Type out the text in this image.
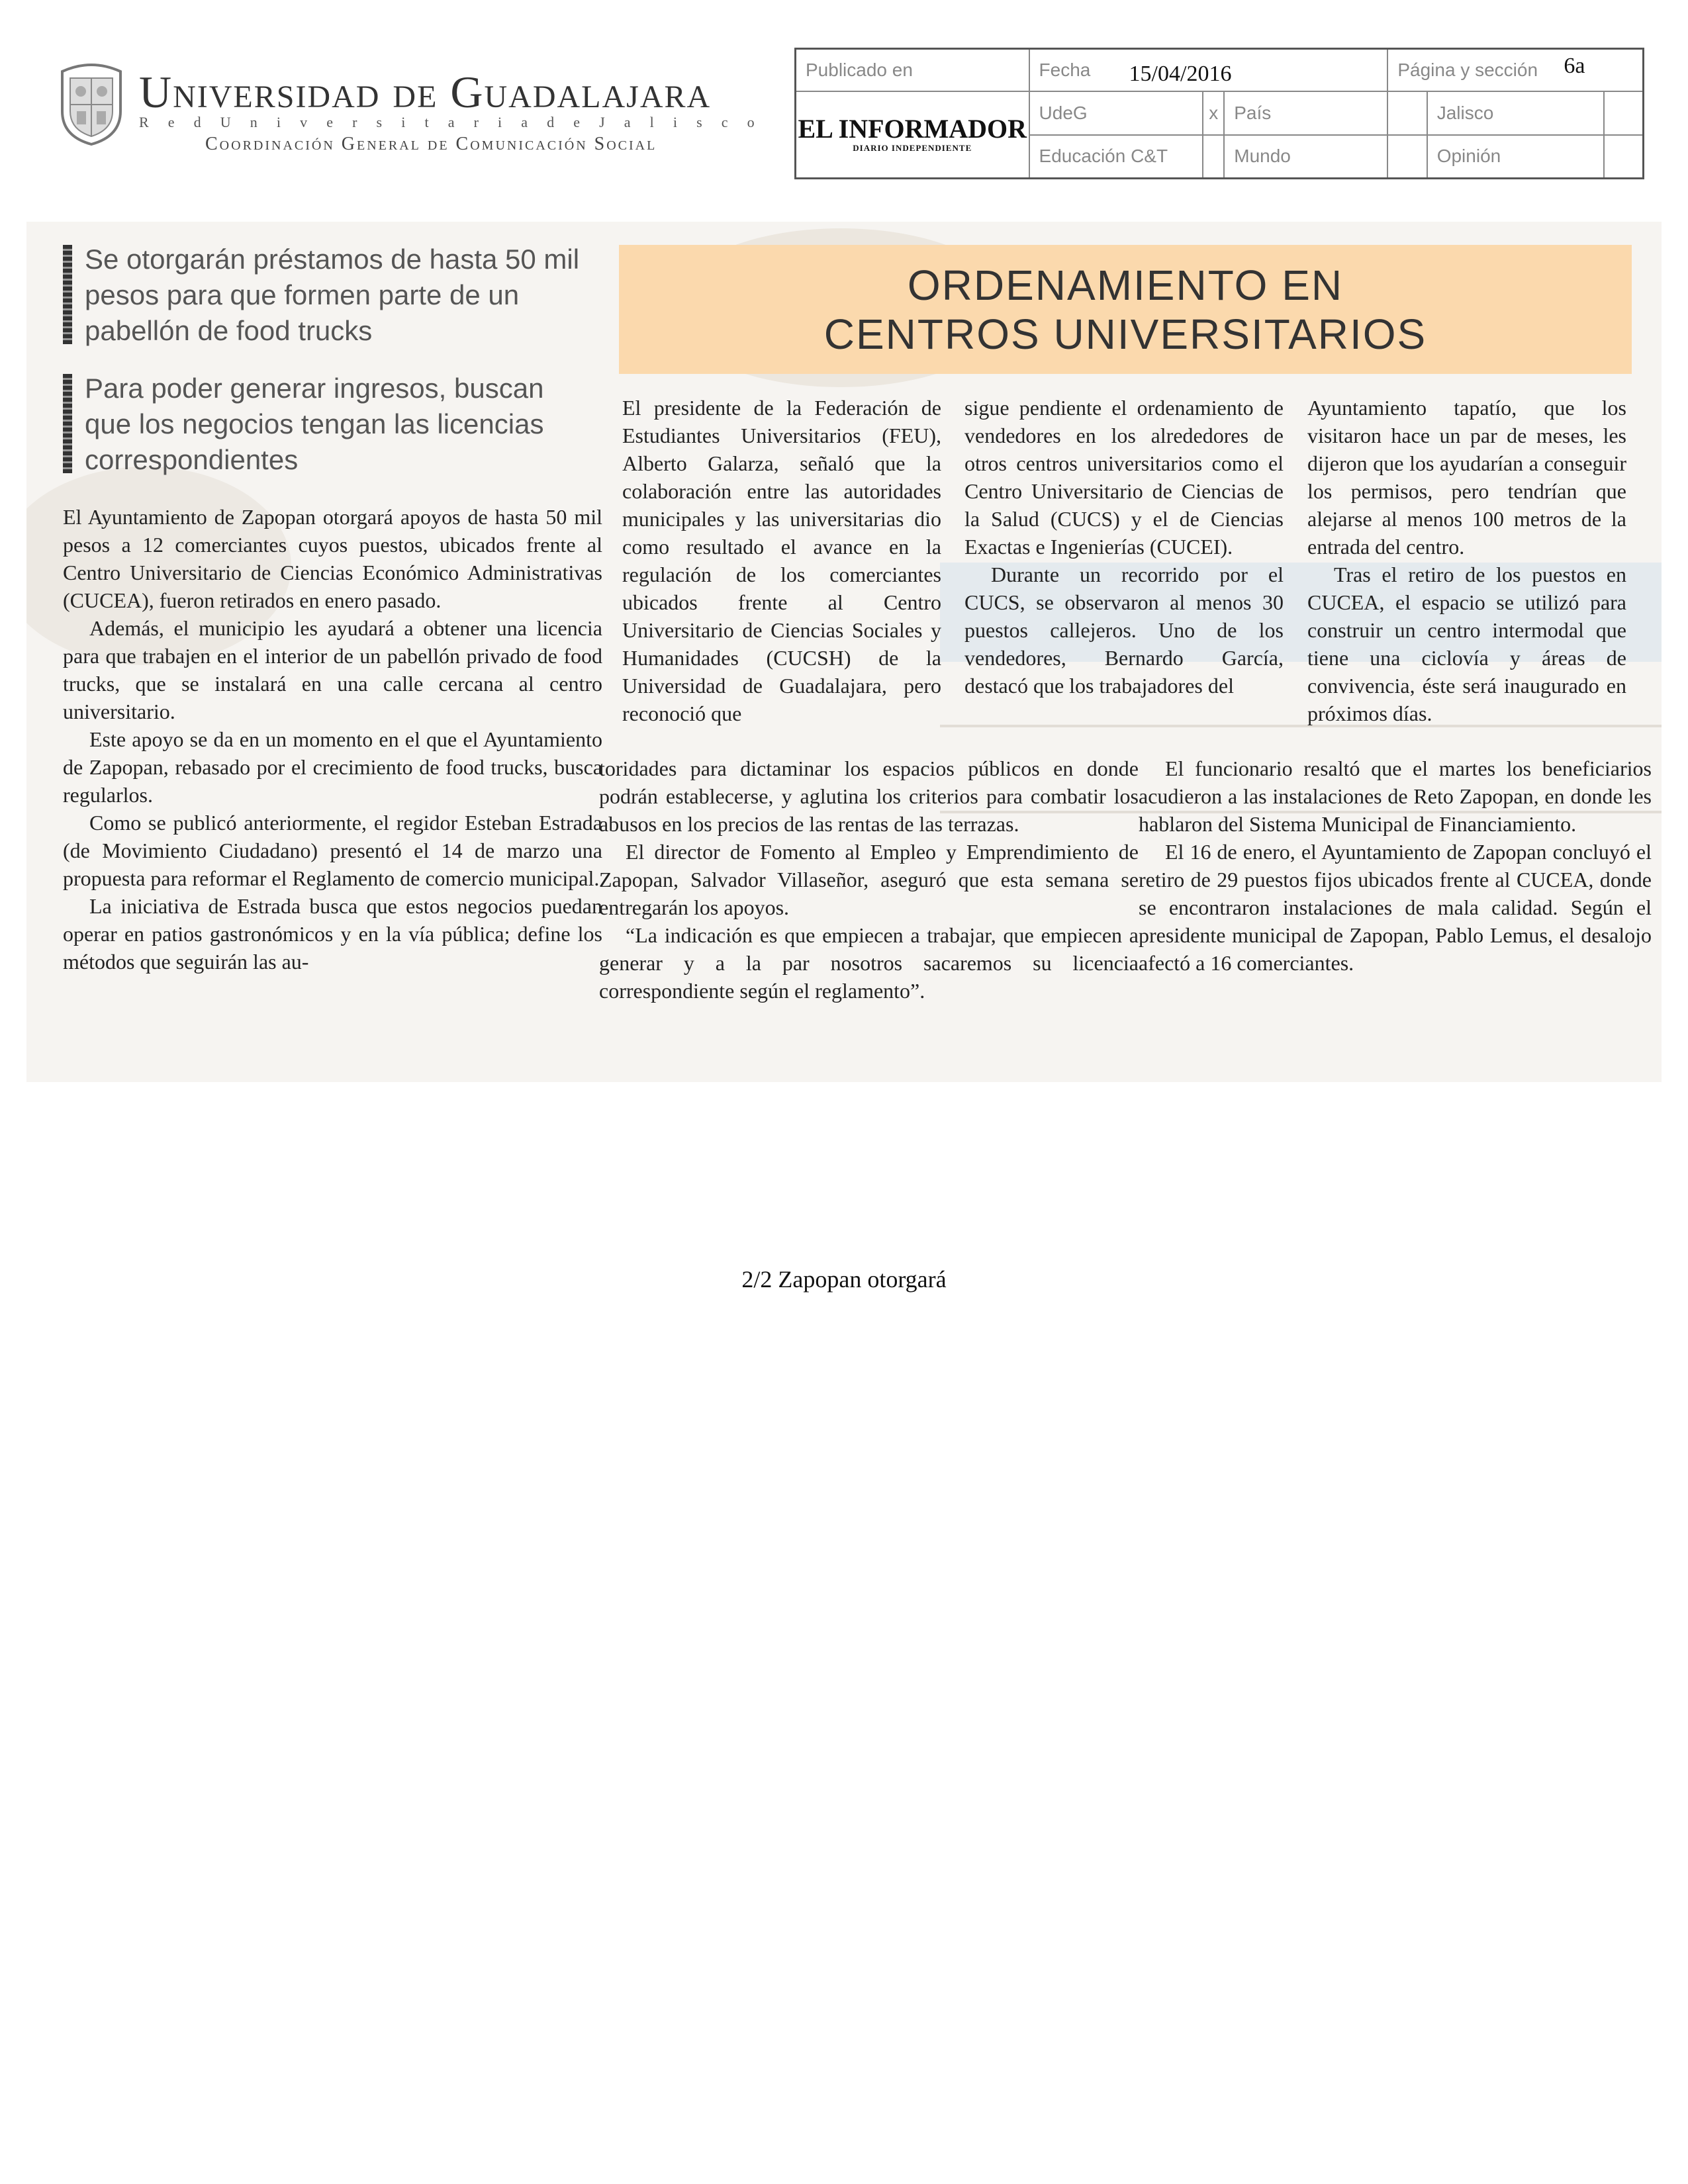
Universidad de Guadalajara
R e d U n i v e r s i t a r i a d e J a l i s c o
Coordinación General de Comunicación Social
Publicado en	Fecha 15/04/2016			Página y sección 6a		

EL INFORMADOR
DIARIO INDEPENDIENTE	UdeG	x	País		Jalisco	
	Educación C&T		Mundo		Opinión	
Se otorgarán préstamos de hasta 50 mil pesos para que formen parte de un pabellón de food trucks
Para poder generar ingresos, buscan que los negocios tengan las licencias correspondientes
ORDENAMIENTO EN
CENTROS UNIVERSITARIOS

El presidente de la Federación de Estudiantes Universitarios (FEU), Alberto Galarza, señaló que la colaboración entre las autoridades municipales y las universitarias dio como resultado el avance en la regulación de los comerciantes ubicados frente al Centro Universitario de Ciencias Sociales y Humanidades (CUCSH) de la Universidad de Guadalajara, pero reconoció que

sigue pendiente el ordenamiento de vendedores en los alrededores de otros centros universitarios como el Centro Universitario de Ciencias de la Salud (CUCS) y el de Ciencias Exactas e Ingenierías (CUCEI).

Durante un recorrido por el CUCS, se observaron al menos 30 puestos callejeros. Uno de los vendedores, Bernardo García, destacó que los trabajadores del

Ayuntamiento tapatío, que los visitaron hace un par de meses, les dijeron que los ayudarían a conseguir los permisos, pero tendrían que alejarse al menos 100 metros de la entrada del centro.

Tras el retiro de los puestos en CUCEA, el espacio se utilizó para construir un centro intermodal que tiene una ciclovía y áreas de convivencia, éste será inaugurado en próximos días.

El Ayuntamiento de Zapopan otorgará apoyos de hasta 50 mil pesos a 12 comerciantes cuyos puestos, ubicados frente al Centro Universitario de Ciencias Económico Administrativas (CUCEA), fueron retirados en enero pasado.

Además, el municipio les ayudará a obtener una licencia para que trabajen en el interior de un pabellón privado de food trucks, que se instalará en una calle cercana al centro universitario.

Este apoyo se da en un momento en el que el Ayuntamiento de Zapopan, rebasado por el crecimiento de food trucks, busca regularlos.

Como se publicó anteriormente, el regidor Esteban Estrada (de Movimiento Ciudadano) presentó el 14 de marzo una propuesta para reformar el Reglamento de comercio municipal.

La iniciativa de Estrada busca que estos negocios puedan operar en patios gastronómicos y en la vía pública; define los métodos que seguirán las au-

toridades para dictaminar los espacios públicos en donde podrán establecerse, y aglutina los criterios para combatir los abusos en los precios de las rentas de las terrazas.

El director de Fomento al Empleo y Emprendimiento de Zapopan, Salvador Villaseñor, aseguró que esta semana se entregarán los apoyos.

“La indicación es que empiecen a trabajar, que empiecen a generar y a la par nosotros sacaremos su licencia correspondiente según el reglamento”.

El funcionario resaltó que el martes los beneficiarios acudieron a las instalaciones de Reto Zapopan, en donde les hablaron del Sistema Municipal de Financiamiento.

El 16 de enero, el Ayuntamiento de Zapopan concluyó el retiro de 29 puestos fijos ubicados frente al CUCEA, donde se encontraron instalaciones de mala calidad. Según el presidente municipal de Zapopan, Pablo Lemus, el desalojo afectó a 16 comerciantes.

2/2 Zapopan otorgará
